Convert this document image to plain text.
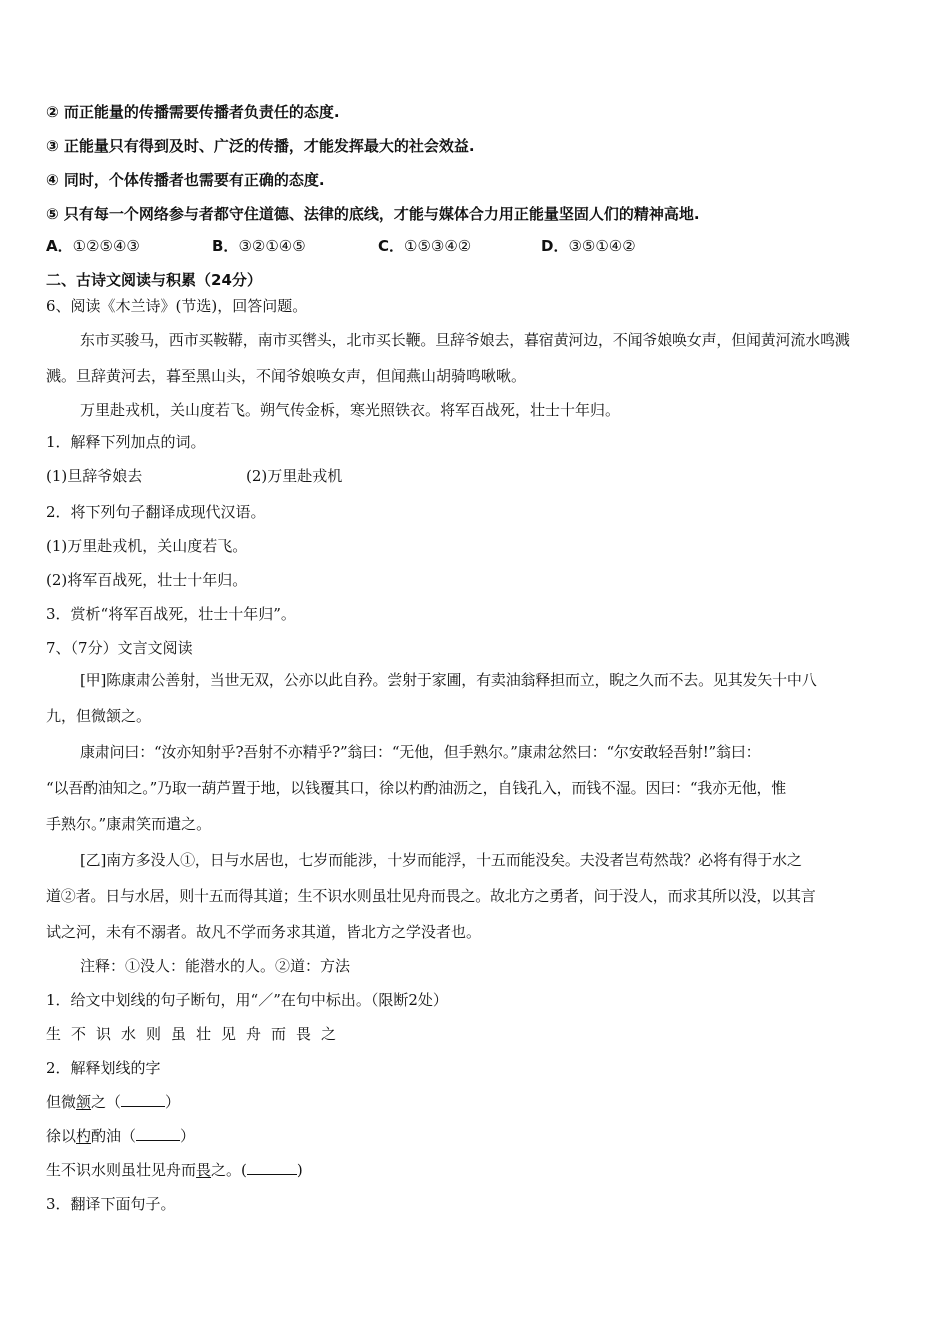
② 而正能量的传播需要传播者负责任的态度.
③ 正能量只有得到及时、广泛的传播，才能发挥最大的社会效益.
④ 同时，个体传播者也需要有正确的态度.
⑤ 只有每一个网络参与者都守住道德、法律的底线，才能与媒体合力用正能量坚固人们的精神高地.
A．①②⑤④③	B．③②①④⑤	C．①⑤③④②	D．③⑤①④②
二、古诗文阅读与积累（24分）
6、阅读《木兰诗》(节选)，回答问题。
东市买骏马，西市买鞍鞯，南市买辔头，北市买长鞭。旦辞爷娘去，暮宿黄河边，不闻爷娘唤女声，但闻黄河流水鸣溅
溅。旦辞黄河去，暮至黑山头，不闻爷娘唤女声，但闻燕山胡骑鸣啾啾。
万里赴戎机，关山度若飞。朔气传金柝，寒光照铁衣。将军百战死，壮士十年归。
1．解释下列加点的词。
(1)旦辞爷娘去	(2)万里赴戎机
2．将下列句子翻译成现代汉语。
(1)万里赴戎机，关山度若飞。
(2)将军百战死，壮士十年归。
3．赏析“将军百战死，壮士十年归”。
7、（7分）文言文阅读
[甲]陈康肃公善射，当世无双，公亦以此自矜。尝射于家圃，有卖油翁释担而立，睨之久而不去。见其发矢十中八
九，但微颔之。
康肃问曰：“汝亦知射乎?吾射不亦精乎?”翁曰：“无他，但手熟尔。”康肃忿然曰：“尔安敢轻吾射!”翁曰：
“以吾酌油知之。”乃取一葫芦置于地，以钱覆其口，徐以杓酌油沥之，自钱孔入，而钱不湿。因曰：“我亦无他，惟
手熟尔。”康肃笑而遣之。
[乙]南方多没人①，日与水居也，七岁而能涉，十岁而能浮，十五而能没矣。夫没者岂苟然哉？必将有得于水之
道②者。日与水居，则十五而得其道；生不识水则虽壮见舟而畏之。故北方之勇者，问于没人，而求其所以没，以其言
试之河，未有不溺者。故凡不学而务求其道，皆北方之学没者也。
注释：①没人：能潜水的人。②道：方法
1．给文中划线的句子断句，用“／”在句中标出。（限断2处）
生不识水则虽壮见舟而畏之
2．解释划线的字
但微颔之（	）
徐以杓酌油（	）
生不识水则虽壮见舟而畏之。(	)
3．翻译下面句子。
